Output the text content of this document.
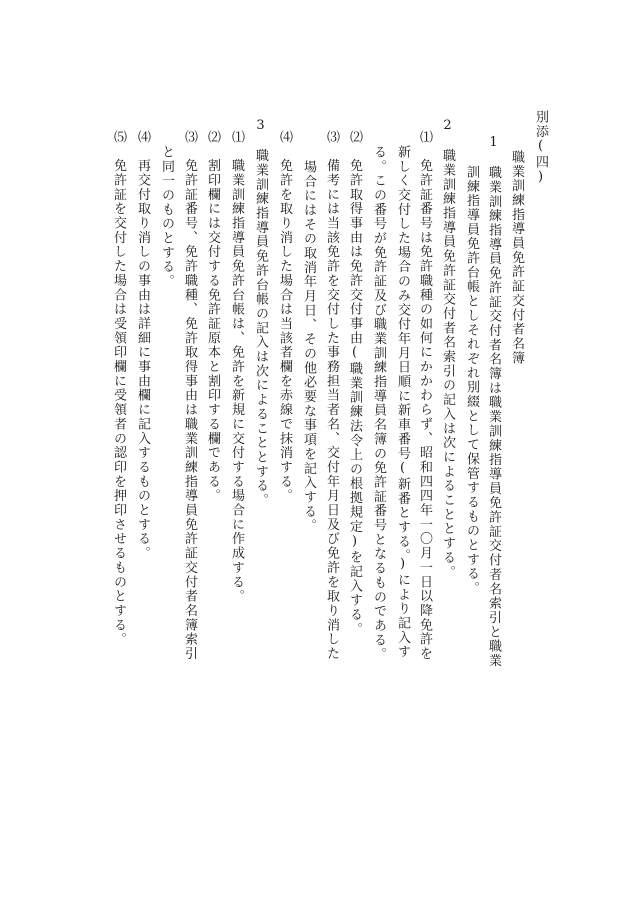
別添(四)
職業訓練指導員免許証交付者名簿
1　職業訓練指導員免許証交付者名簿は職業訓練指導員免許証交付者名索引と職業
訓練指導員免許台帳としそれぞれ別綴として保管するものとする。
2　職業訓練指導員免許証交付者名索引の記入は次によることとする。
⑴　免許証番号は免許職種の如何にかかわらず、昭和四四年一〇月一日以降免許を
新しく交付した場合のみ交付年月日順に新車番号(新番とする。)により記入す
る。この番号が免許証及び職業訓練指導員名簿の免許証番号となるものである。
⑵　免許取得事由は免許交付事由(職業訓練法令上の根拠規定)を記入する。
⑶　備考には当該免許を交付した事務担当者名、交付年月日及び免許を取り消した
場合にはその取消年月日、その他必要な事項を記入する。
⑷　免許を取り消した場合は当該者欄を赤線で抹消する。
3　職業訓練指導員免許台帳の記入は次によることとする。
⑴　職業訓練指導員免許台帳は、免許を新規に交付する場合に作成する。
⑵　割印欄には交付する免許証原本と割印する欄である。
⑶　免許証番号、免許職種、免許取得事由は職業訓練指導員免許証交付者名簿索引
と同一のものとする。
⑷　再交付取り消しの事由は詳細に事由欄に記入するものとする。
⑸　免許証を交付した場合は受領印欄に受領者の認印を押印させるものとする。
